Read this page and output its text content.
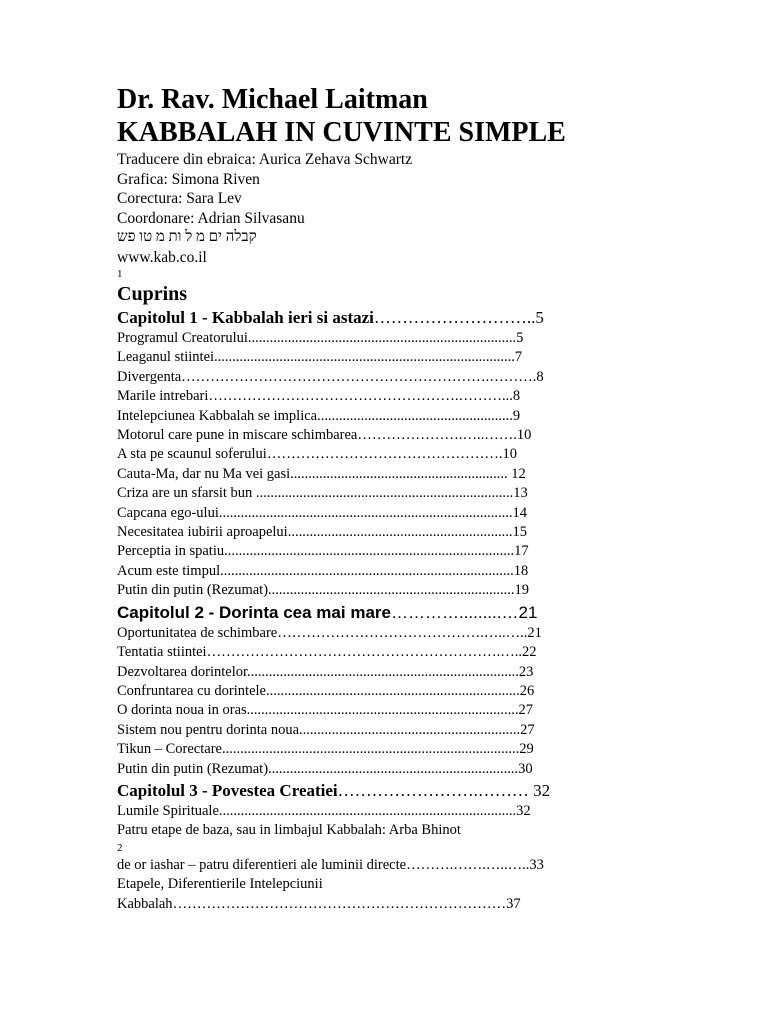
Dr. Rav. Michael Laitman

KABBALAH IN CUVINTE SIMPLE

Traducere din ebraica: Aurica Zehava Schwartz

Grafica: Simona Riven

Corectura: Sara Lev

Coordonare: Adrian Silvasanu

קבלה ים מ ל ות מ טו פש

www.kab.co.il

1

Cuprins

Capitolul 1 - Kabbalah ieri si astazi………………………..5

Programul Creatorului..........................................................................5

Leaganul stiintei...................................................................................7

Divergenta……………………………………………………….……….8

Marile intrebari…………………………………………….………...8

Intelepciunea Kabbalah se implica......................................................9

Motorul care pune in miscare schimbarea………………….…..…….10

A sta pe scaunul soferului………………………………………….10

Cauta-Ma, dar nu Ma vei gasi............................................................ 12

Criza are un sfarsit bun .......................................................................13

Capcana ego-ului.................................................................................14

Necesitatea iubirii aproapelui..............................................................15

Perceptia in spatiu................................................................................17

Acum este timpul.................................................................................18

Putin din putin (Rezumat)....................................................................19

Capitolul 2 - Dorinta cea mai mare………….........…21

Oportunitatea de schimbare…………………………………….…..…..21

Tentatia stiintei…………………………………………………….…..22

Dezvoltarea dorintelor...........................................................................23

Confruntarea cu dorintele......................................................................26

O dorinta noua in oras...........................................................................27

Sistem nou pentru dorinta noua.............................................................27

Tikun – Corectare..................................................................................29

Putin din putin (Rezumat).....................................................................30

Capitolul 3 - Povestea Creatiei…………………….……… 32

Lumile Spirituale..................................................................................32

Patru etape de baza, sau in limbajul Kabbalah: Arba Bhinot

2

de or iashar – patru diferentieri ale luminii directe……….…….…..…..33

Etapele, Diferentierile Intelepciunii

Kabbalah……………………………………………………………37
